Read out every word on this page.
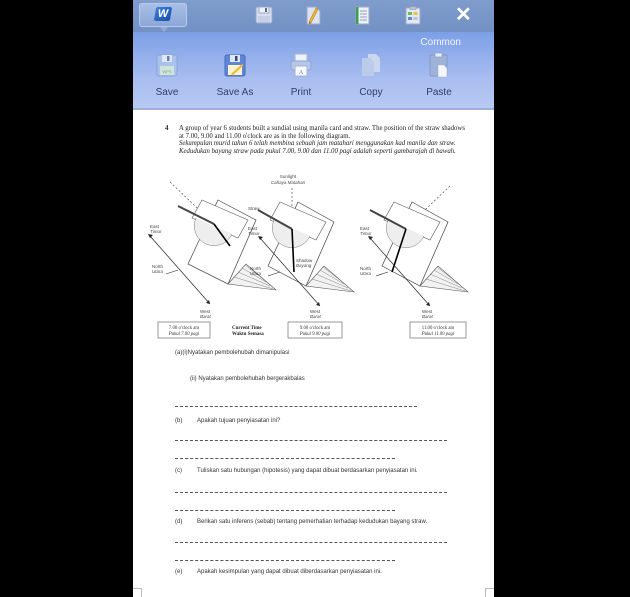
W	✕
Common
WPS
Save	Save As
A
Print	Copy	Paste
4 A group of year 6 students built a sundial using manila card and straw. The position of the straw shadows at 7.00, 9.00 and 11.00 o'clock are as in the following diagram.
Sekumpulan murid tahun 6 telah membina sebuah jam matahari menggunakan kad manila dan straw. Kedudukan bayang straw pada pukul 7.00, 9.00 dan 11.00 pagi adalah seperti gambarajah di bawah.
Sunlight
Cahaya Matahari
East
Timur
North
Utara
West
Barat
7.00 o'clock am
Pukul 7.00 pagi
Current Time
Waktu Semasa
Straw
Shadow
Bayang
East
Timur
North
Utara
West
Barat
9.00 o'clock am
Pukul 9.00 pagi
East
Timur
North
Utara
West
Barat
11.00 o'clock am
Pukul 11.00 pagi
(a)(i)Nyatakan pembolehubah dimanipulasi
(ii) Nyatakan pembolehubah bergerakbalas
(b) Apakah tujuan penyiasatan ini?
(c)	Tuliskan satu hubungan (hipotesis) yang dapat dibuat berdasarkan penyiasatan ini.
(d) Berikan satu inferens (sebab) tentang pemerhatian terhadap kedudukan bayang straw.
(e) Apakah kesimpulan yang dapat dibuat diberdasarkan penyiasatan ini.
